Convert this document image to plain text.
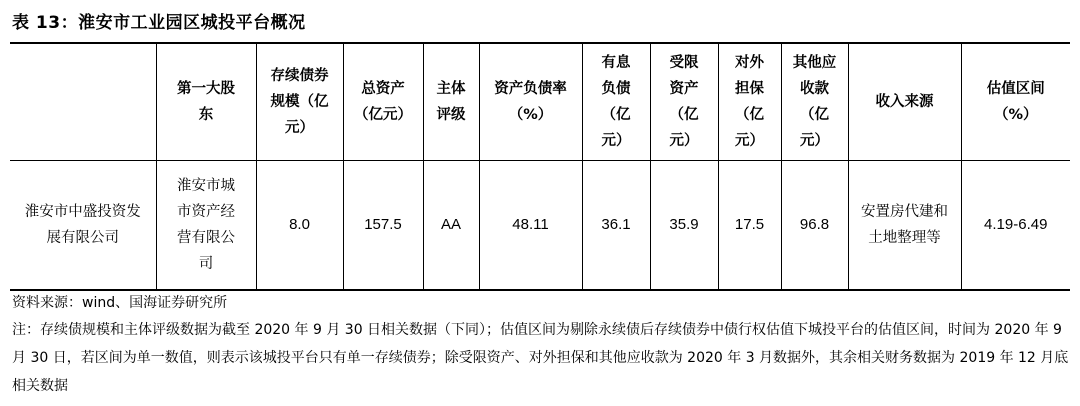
表 13：淮安市工业园区城投平台概况

	第一大股东	存续债券规模（亿元）	总资产（亿元）	主体评级	资产负债率（%）	有息负债（亿元）	受限资产（亿元）	对外担保（亿元）	其他应收款（亿元）	收入来源	估值区间（%）

淮安市中盛投资发展有限公司	淮安市城市资产经营有限公司	8.0	157.5	AA	48.11	36.1	35.9	17.5	96.8	安置房代建和土地整理等	4.19-6.49
资料来源：wind、国海证券研究所
注：存续债规模和主体评级数据为截至 2020 年 9 月 30 日相关数据（下同）；估值区间为剔除永续债后存续债券中债行权估值下城投平台的估值区间，时间为 2020 年 9 月 30 日，若区间为单一数值，则表示该城投平台只有单一存续债券；除受限资产、对外担保和其他应收款为 2020 年 3 月数据外，其余相关财务数据为 2019 年 12 月底相关数据
